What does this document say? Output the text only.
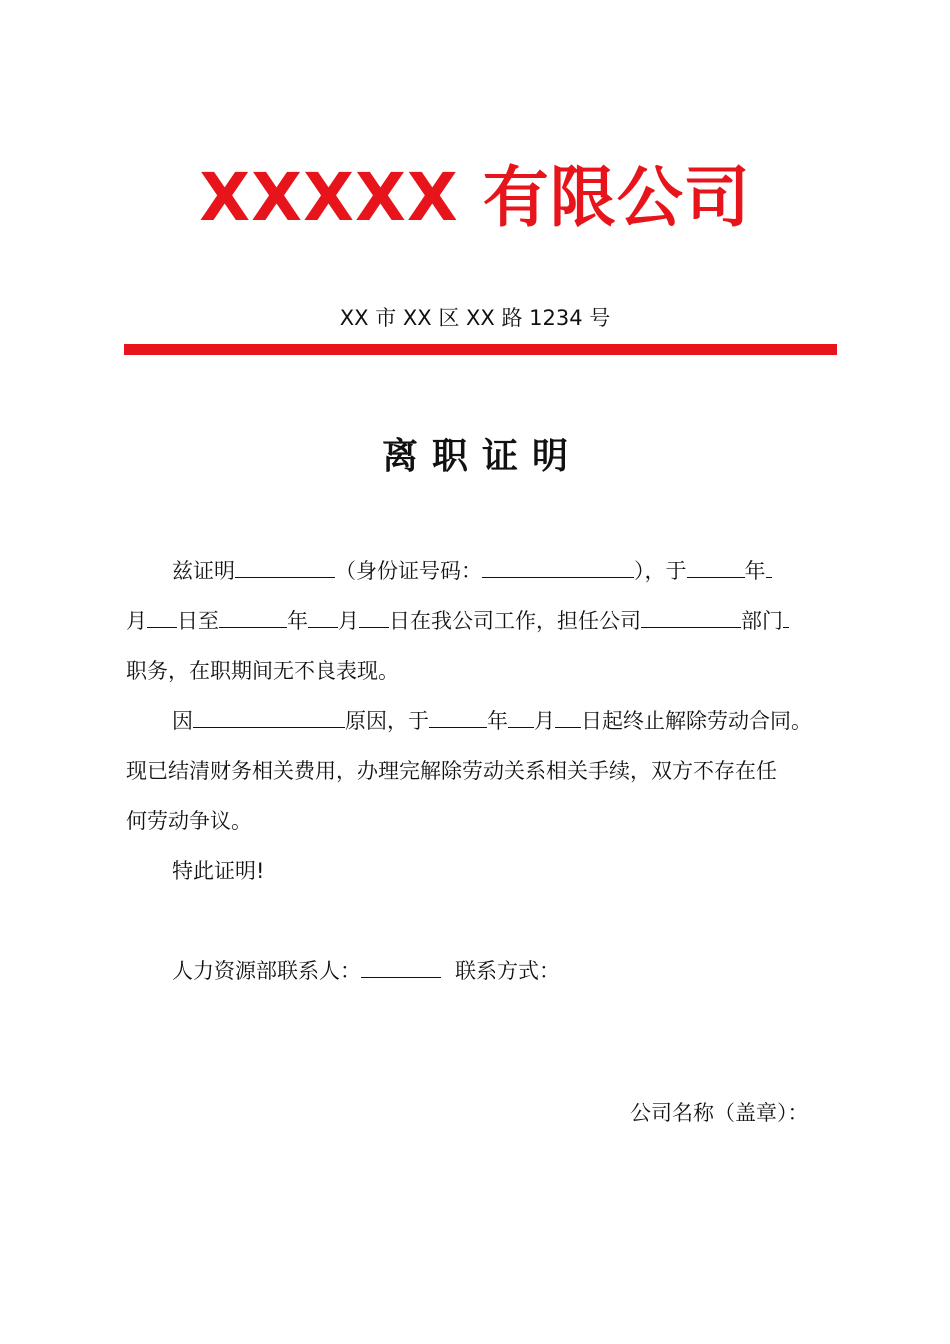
XXXXX 有限公司
XX 市 XX 区 XX 路 1234 号
离职证明
兹证明	（身份证号码：	），于	年
月 日至	年 月 日在我公司工作，担任公司	部门
职务，在职期间无不良表现。
因	原因，于	年 月 日起终止解除劳动合同。
现已结清财务相关费用，办理完解除劳动关系相关手续，双方不存在任
何劳动争议。
特此证明!
人力资源部联系人：	联系方式：
公司名称（盖章）：
